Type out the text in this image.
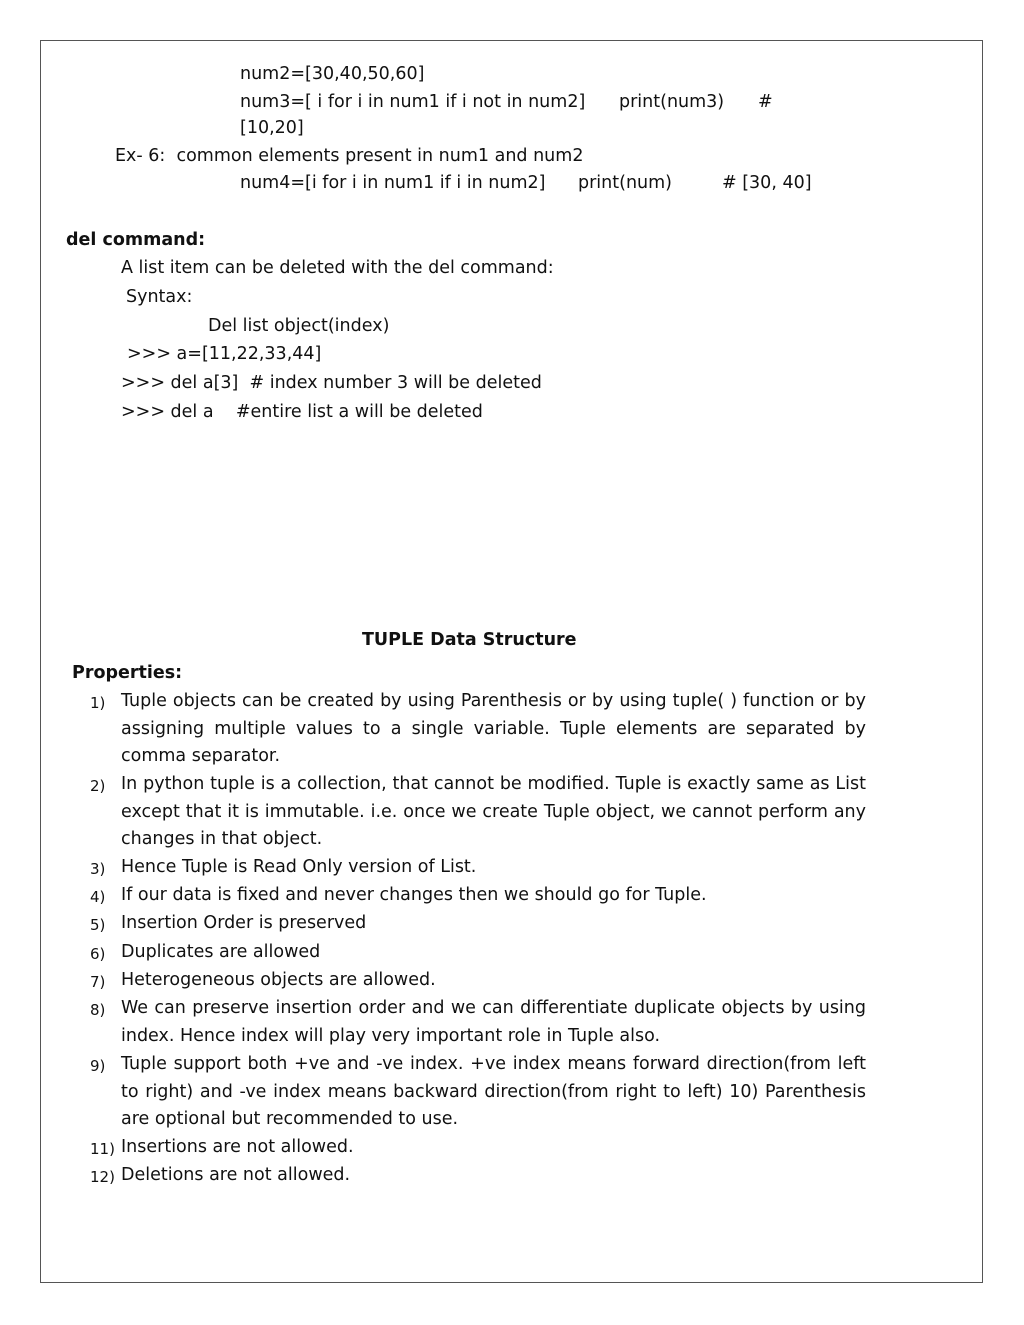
num2=[30,40,50,60]
num3=[ i for i in num1 if i not in num2] print(num3) #
[10,20]
Ex- 6:  common elements present in num1 and num2
num4=[i for i in num1 if i in num2] print(num)	# [30, 40]
del command:
A list item can be deleted with the del command:
Syntax:
Del list object(index)
>>> a=[11,22,33,44]
>>> del a[3]  # index number 3 will be deleted
>>> del a    #entire list a will be deleted
TUPLE Data Structure
Properties:
1) Tuple objects can be created by using Parenthesis or by using tuple( ) function or by assigning multiple values to a single variable. Tuple elements are separated by comma separator.
2) In python tuple is a collection, that cannot be modified. Tuple is exactly same as List except that it is immutable. i.e. once we create Tuple object, we cannot perform any changes in that object.
3) Hence Tuple is Read Only version of List.
4) If our data is fixed and never changes then we should go for Tuple.
5) Insertion Order is preserved
6) Duplicates are allowed
7) Heterogeneous objects are allowed.
8) We can preserve insertion order and we can differentiate duplicate objects by using index. Hence index will play very important role in Tuple also.
9) Tuple support both +ve and -ve index. +ve index means forward direction(from left to right) and -ve index means backward direction(from right to left) 10) Parenthesis are optional but recommended to use.
11) Insertions are not allowed.
12) Deletions are not allowed.
